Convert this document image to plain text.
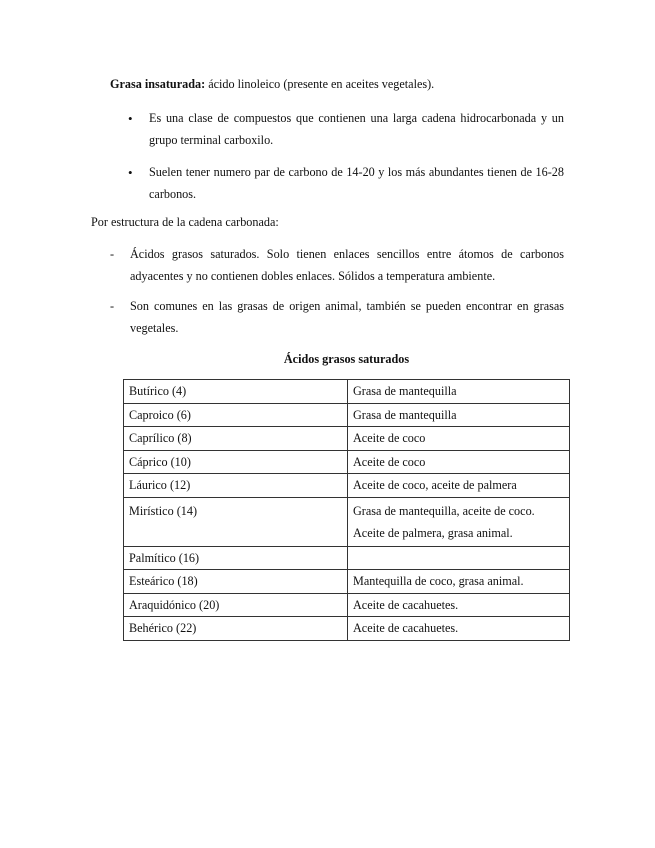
Grasa insaturada: ácido linoleico (presente en aceites vegetales).
• Es una clase de compuestos que contienen una larga cadena hidrocarbonada y un grupo terminal carboxilo.
• Suelen tener numero par de carbono de 14-20 y los más abundantes tienen de 16-28 carbonos.
Por estructura de la cadena carbonada:
- Ácidos grasos saturados. Solo tienen enlaces sencillos entre átomos de carbonos adyacentes y no contienen dobles enlaces. Sólidos a temperatura ambiente.
- Son comunes en las grasas de origen animal, también se pueden encontrar en grasas vegetales.
Ácidos grasos saturados
Butírico (4)	Grasa de mantequilla
Caproico (6)	Grasa de mantequilla
Caprílico (8)	Aceite de coco
Cáprico (10)	Aceite de coco
Láurico (12)	Aceite de coco, aceite de palmera
Mirístico (14)	Grasa de mantequilla, aceite de coco.
Aceite de palmera, grasa animal.

Palmítico (16)	
Esteárico (18)	Mantequilla de coco, grasa animal.
Araquidónico (20)	Aceite de cacahuetes.
Behérico (22)	Aceite de cacahuetes.
